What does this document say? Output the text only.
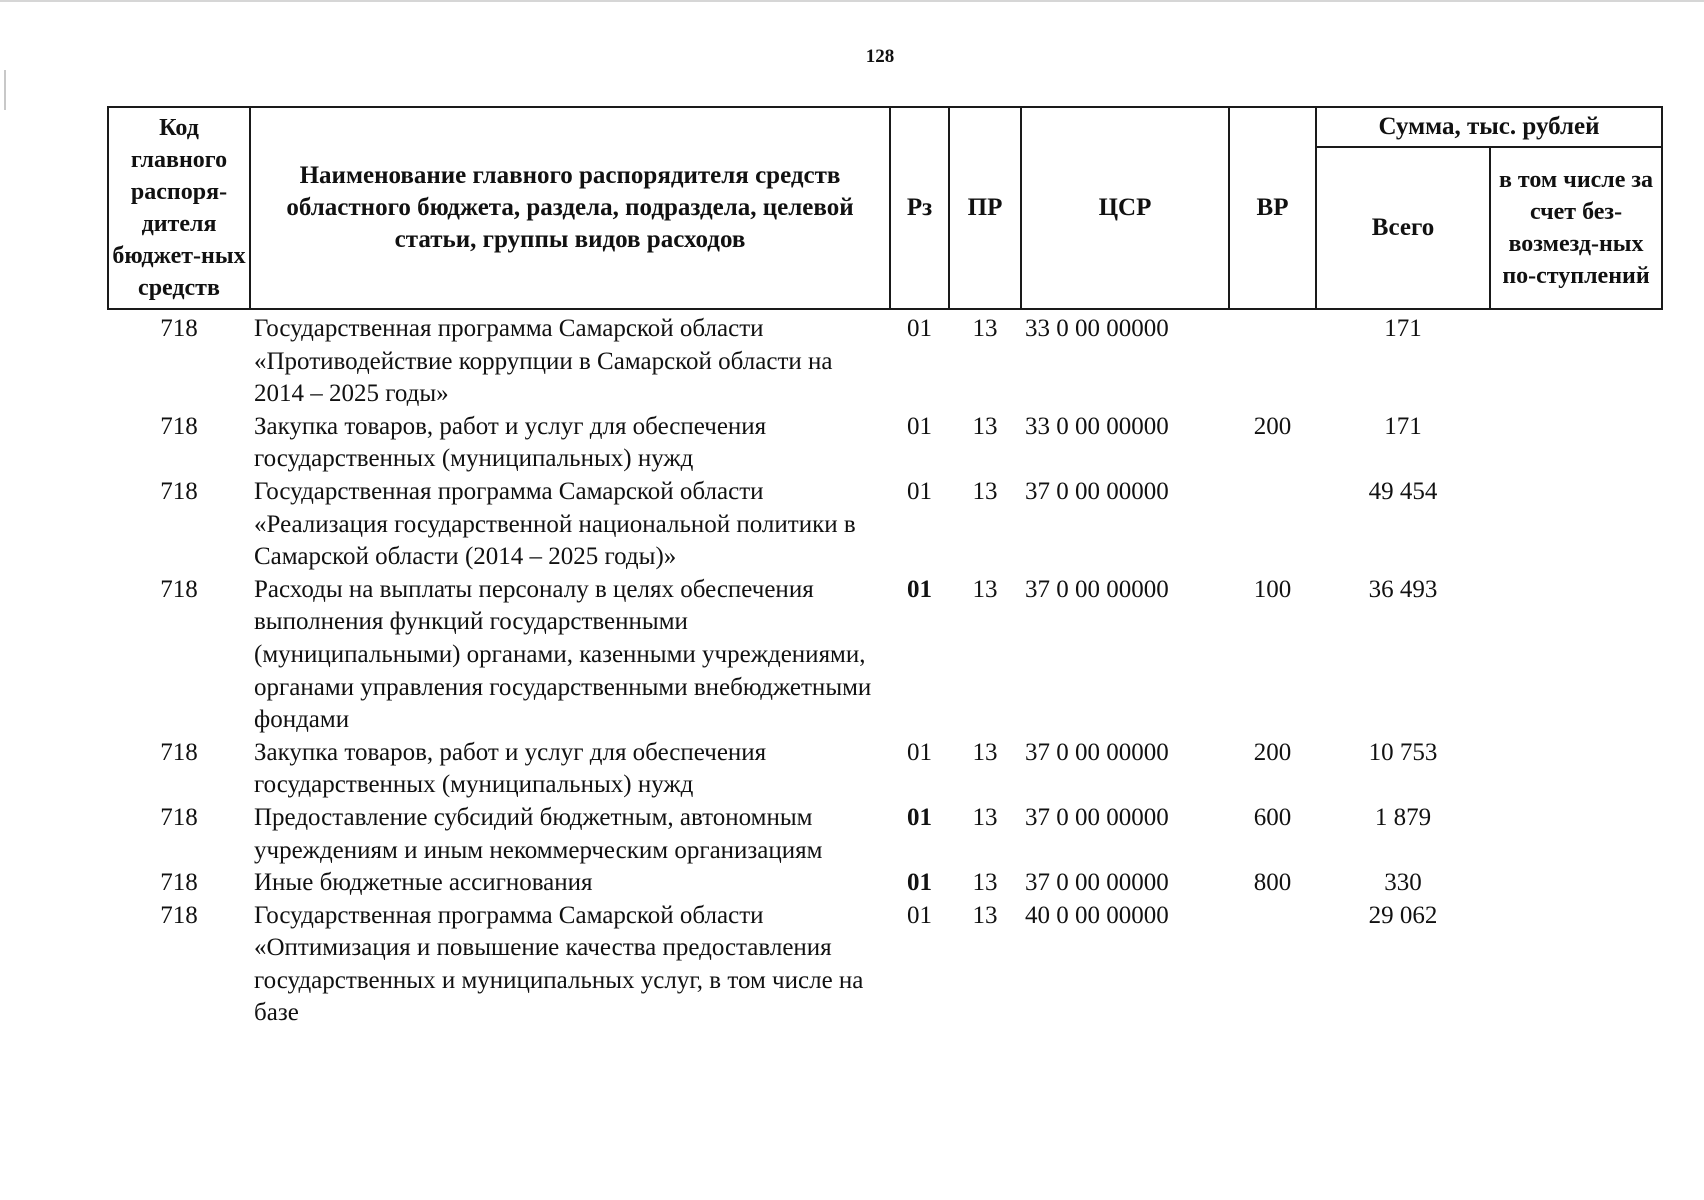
128
Код главного распоря-дителя бюджет-ных средств	Наименование главного распорядителя средств областного бюджета, раздела, подраздела, целевой статьи, группы видов расходов	Рз	ПР	ЦСР	ВР	Сумма, тыс. рублей	
						Всего	в том числе за счет без-возмезд-ных по-ступлений
718	Государственная программа Самарской области «Противодействие коррупции в Самарской области на 2014 – 2025 годы»	01	13	33 0 00 00000		171	
718	Закупка товаров, работ и услуг для обеспечения государственных (муниципальных) нужд	01	13	33 0 00 00000	200	171	
718	Государственная программа Самарской области «Реализация государственной национальной политики в Самарской области (2014 – 2025 годы)»	01	13	37 0 00 00000		49 454	
718	Расходы на выплаты персоналу в целях обеспечения выполнения функций государственными (муниципальными) органами, казенными учреждениями, органами управления государственными внебюджетными фондами	01	13	37 0 00 00000	100	36 493	
718	Закупка товаров, работ и услуг для обеспечения государственных (муниципальных) нужд	01	13	37 0 00 00000	200	10 753	
718	Предоставление субсидий бюджетным, автономным учреждениям и иным некоммерческим организациям	01	13	37 0 00 00000	600	1 879	
718	Иные бюджетные ассигнования	01	13	37 0 00 00000	800	330	
718	Государственная программа Самарской области «Оптимизация и повышение качества предоставления государственных и муниципальных услуг, в том числе на базе	01	13	40 0 00 00000		29 062	
